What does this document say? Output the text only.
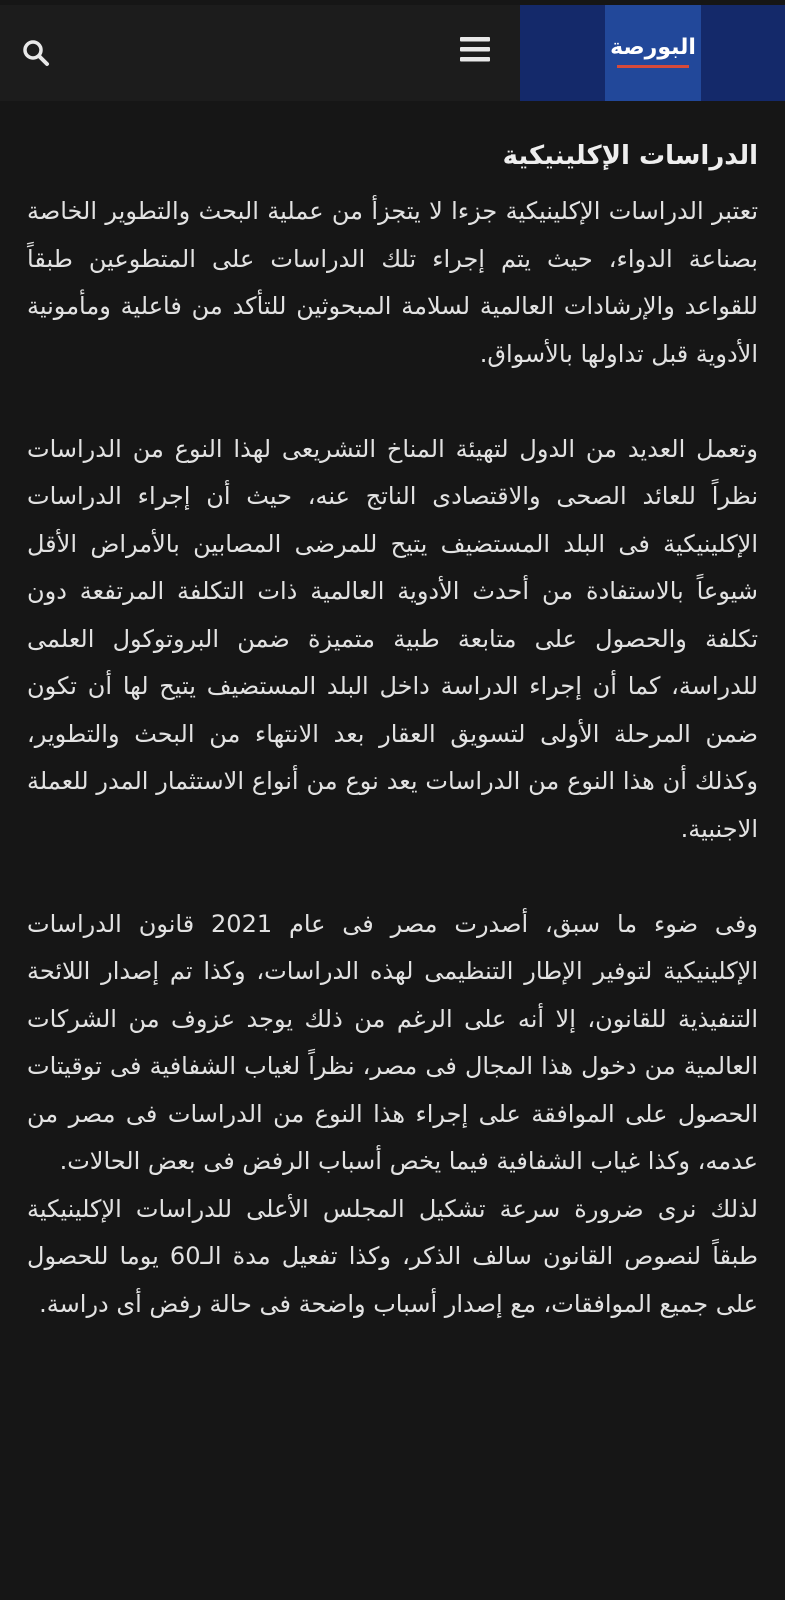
البورصة
الدراسات الإكلينيكية

تعتبر الدراسات الإكلينيكية جزءا لا يتجزأ من عملية البحث والتطوير الخاصة بصناعة الدواء، حيث يتم إجراء تلك الدراسات على المتطوعين طبقاً للقواعد والإرشادات العالمية لسلامة المبحوثين للتأكد من فاعلية ومأمونية الأدوية قبل تداولها بالأسواق.

وتعمل العديد من الدول لتهيئة المناخ التشريعى لهذا النوع من الدراسات نظراً للعائد الصحى والاقتصادى الناتج عنه، حيث أن إجراء الدراسات الإكلينيكية فى البلد المستضيف يتيح للمرضى المصابين بالأمراض الأقل شيوعاً بالاستفادة من أحدث الأدوية العالمية ذات التكلفة المرتفعة دون تكلفة والحصول على متابعة طبية متميزة ضمن البروتوكول العلمى للدراسة، كما أن إجراء الدراسة داخل البلد المستضيف يتيح لها أن تكون ضمن المرحلة الأولى لتسويق العقار بعد الانتهاء من البحث والتطوير، وكذلك أن هذا النوع من الدراسات يعد نوع من أنواع الاستثمار المدر للعملة الاجنبية.

وفى ضوء ما سبق، أصدرت مصر فى عام 2021 قانون الدراسات الإكلينيكية لتوفير الإطار التنظيمى لهذه الدراسات، وكذا تم إصدار اللائحة التنفيذية للقانون، إلا أنه على الرغم من ذلك يوجد عزوف من الشركات العالمية من دخول هذا المجال فى مصر، نظراً لغياب الشفافية فى توقيتات الحصول على الموافقة على إجراء هذا النوع من الدراسات فى مصر من عدمه، وكذا غياب الشفافية فيما يخص أسباب الرفض فى بعض الحالات.

لذلك نرى ضرورة سرعة تشكيل المجلس الأعلى للدراسات الإكلينيكية طبقاً لنصوص القانون سالف الذكر، وكذا تفعيل مدة الـ60 يوما للحصول على جميع الموافقات، مع إصدار أسباب واضحة فى حالة رفض أى دراسة.
